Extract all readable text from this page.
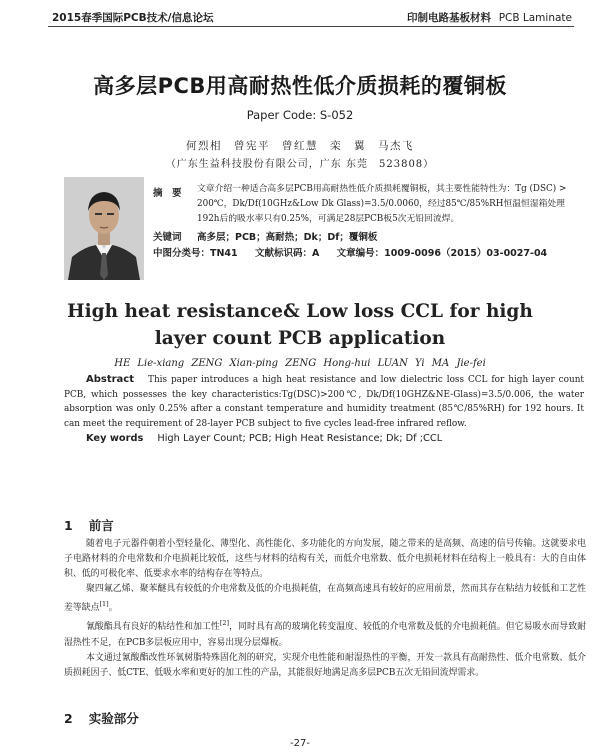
2015春季国际PCB技术/信息论坛	印制电路基板材料 PCB Laminate
高多层PCB用高耐热性低介质损耗的覆铜板
Paper Code: S-052
何烈相　曾宪平　曾红慧　栾　翼　马杰飞
（广东生益科技股份有限公司，广东 东莞　523808）
摘　要 文章介绍一种适合高多层PCB用高耐热性低介质损耗覆铜板，其主要性能特性为：Tg (DSC) > 200℃，Dk/Df(10GHz&Low Dk Glass)=3.5/0.0060，经过85℃/85%RH恒温恒湿箱处理192h后的吸水率只有0.25%，可满足28层PCB板5次无铅回流焊。
关键词 高多层；PCB；高耐热；Dk；Df；覆铜板
中图分类号：TN41 文献标识码：A 文章编号：1009-0096（2015）03-0027-04
High heat resistance& Low loss CCL for high
layer count PCB application
HE Lie-xiang ZENG Xian-ping ZENG Hong-hui LUAN Yi MA Jie-fei
Abstract This paper introduces a high heat resistance and low dielectric loss CCL for high layer count PCB, which possesses the key characteristics:Tg(DSC)>200℃, Dk/Df(10GHZ&NE-Glass)=3.5/0.006, the water absorption was only 0.25% after a constant temperature and humidity treatment (85℃/85%RH) for 192 hours. It can meet the requirement of 28-layer PCB subject to five cycles lead-free infrared reflow.
Key words High Layer Count; PCB; High Heat Resistance; Dk; Df ;CCL
1 前言

随着电子元器件朝着小型轻量化、薄型化、高性能化、多功能化的方向发展，随之带来的是高频、高速的信号传输。这就要求电子电路材料的介电常数和介电损耗比较低，这些与材料的结构有关，而低介电常数、低介电损耗材料在结构上一般具有：大的自由体积、低的可极化率、低要求水率的结构存在等特点。

聚四氟乙烯、聚苯醚具有较低的介电常数及低的介电损耗值，在高频高速具有较好的应用前景，然而其存在粘结力较低和工艺性差等缺点[1]。

氰酸酯具有良好的粘结性和加工性[2]，同时具有高的玻璃化转变温度、较低的介电常数及低的介电损耗值。但它易吸水而导致耐湿热性不足，在PCB多层板应用中，容易出现分层爆板。

本文通过氰酸酯改性环氧树脂特殊固化剂的研究，实现介电性能和耐湿热性的平衡，开发一款具有高耐热性、低介电常数、低介质损耗因子、低CTE、低吸水率和更好的加工性的产品，其能很好地满足高多层PCB五次无铅回流焊需求。

2 实验部分
-27-
